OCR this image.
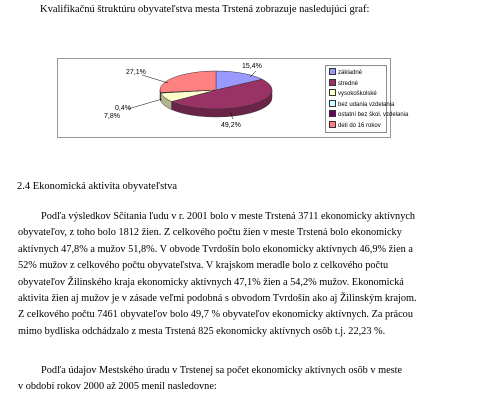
Kvalifikačnú štruktúru obyvateľstva mesta Trstená zobrazuje nasledujúci graf:
základné
stredné
vysokoškolské
bez udania vzdelania
ostatní bez škol. vzdelania
deti do 16 rokov
15,4%
49,2%
7,8%
0,4%
27,1%
2.4 Ekonomická aktivita obyvateľstva
Podľa výsledkov Sčítania ľudu v r. 2001 bolo v meste Trstená 3711 ekonomicky aktívnych
obyvateľov, z toho bolo 1812 žien. Z celkového počtu žien v meste Trstená bolo ekonomicky
aktívnych 47,8% a mužov 51,8%. V obvode Tvrdošín bolo ekonomicky aktívnych 46,9% žien a
52% mužov z celkového počtu obyvateľstva. V krajskom meradle bolo z celkového počtu
obyvateľov Žilinského kraja ekonomicky aktívnych 47,1% žien a 54,2% mužov. Ekonomická
aktivita žien aj mužov je v zásade veľmi podobná s obvodom Tvrdošín ako aj Žilinským krajom.
Z celkového počtu 7461 obyvateľov bolo 49,7 % obyvateľov ekonomicky aktívnych. Za prácou
mimo bydliska odchádzalo z mesta Trstená 825 ekonomicky aktívnych osôb t.j. 22,23 %.
Podľa údajov Mestského úradu v Trstenej sa počet ekonomicky aktívnych osôb v meste
v období rokov 2000 až 2005 menil nasledovne:
